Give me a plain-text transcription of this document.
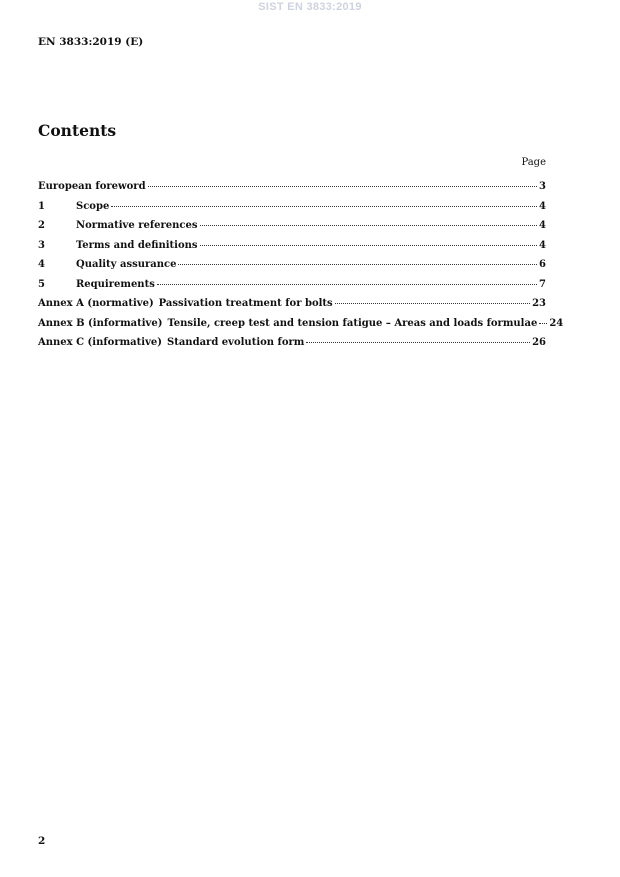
SIST EN 3833:2019
EN 3833:2019 (E)
Contents
Page
European foreword	3
1	Scope	4
2	Normative references	4
3	Terms and definitions	4
4	Quality assurance	6
5	Requirements	7
Annex A (normative) Passivation treatment for bolts	23
Annex B (informative) Tensile, creep test and tension fatigue – Areas and loads formulae 24
Annex C (informative) Standard evolution form	26
2
